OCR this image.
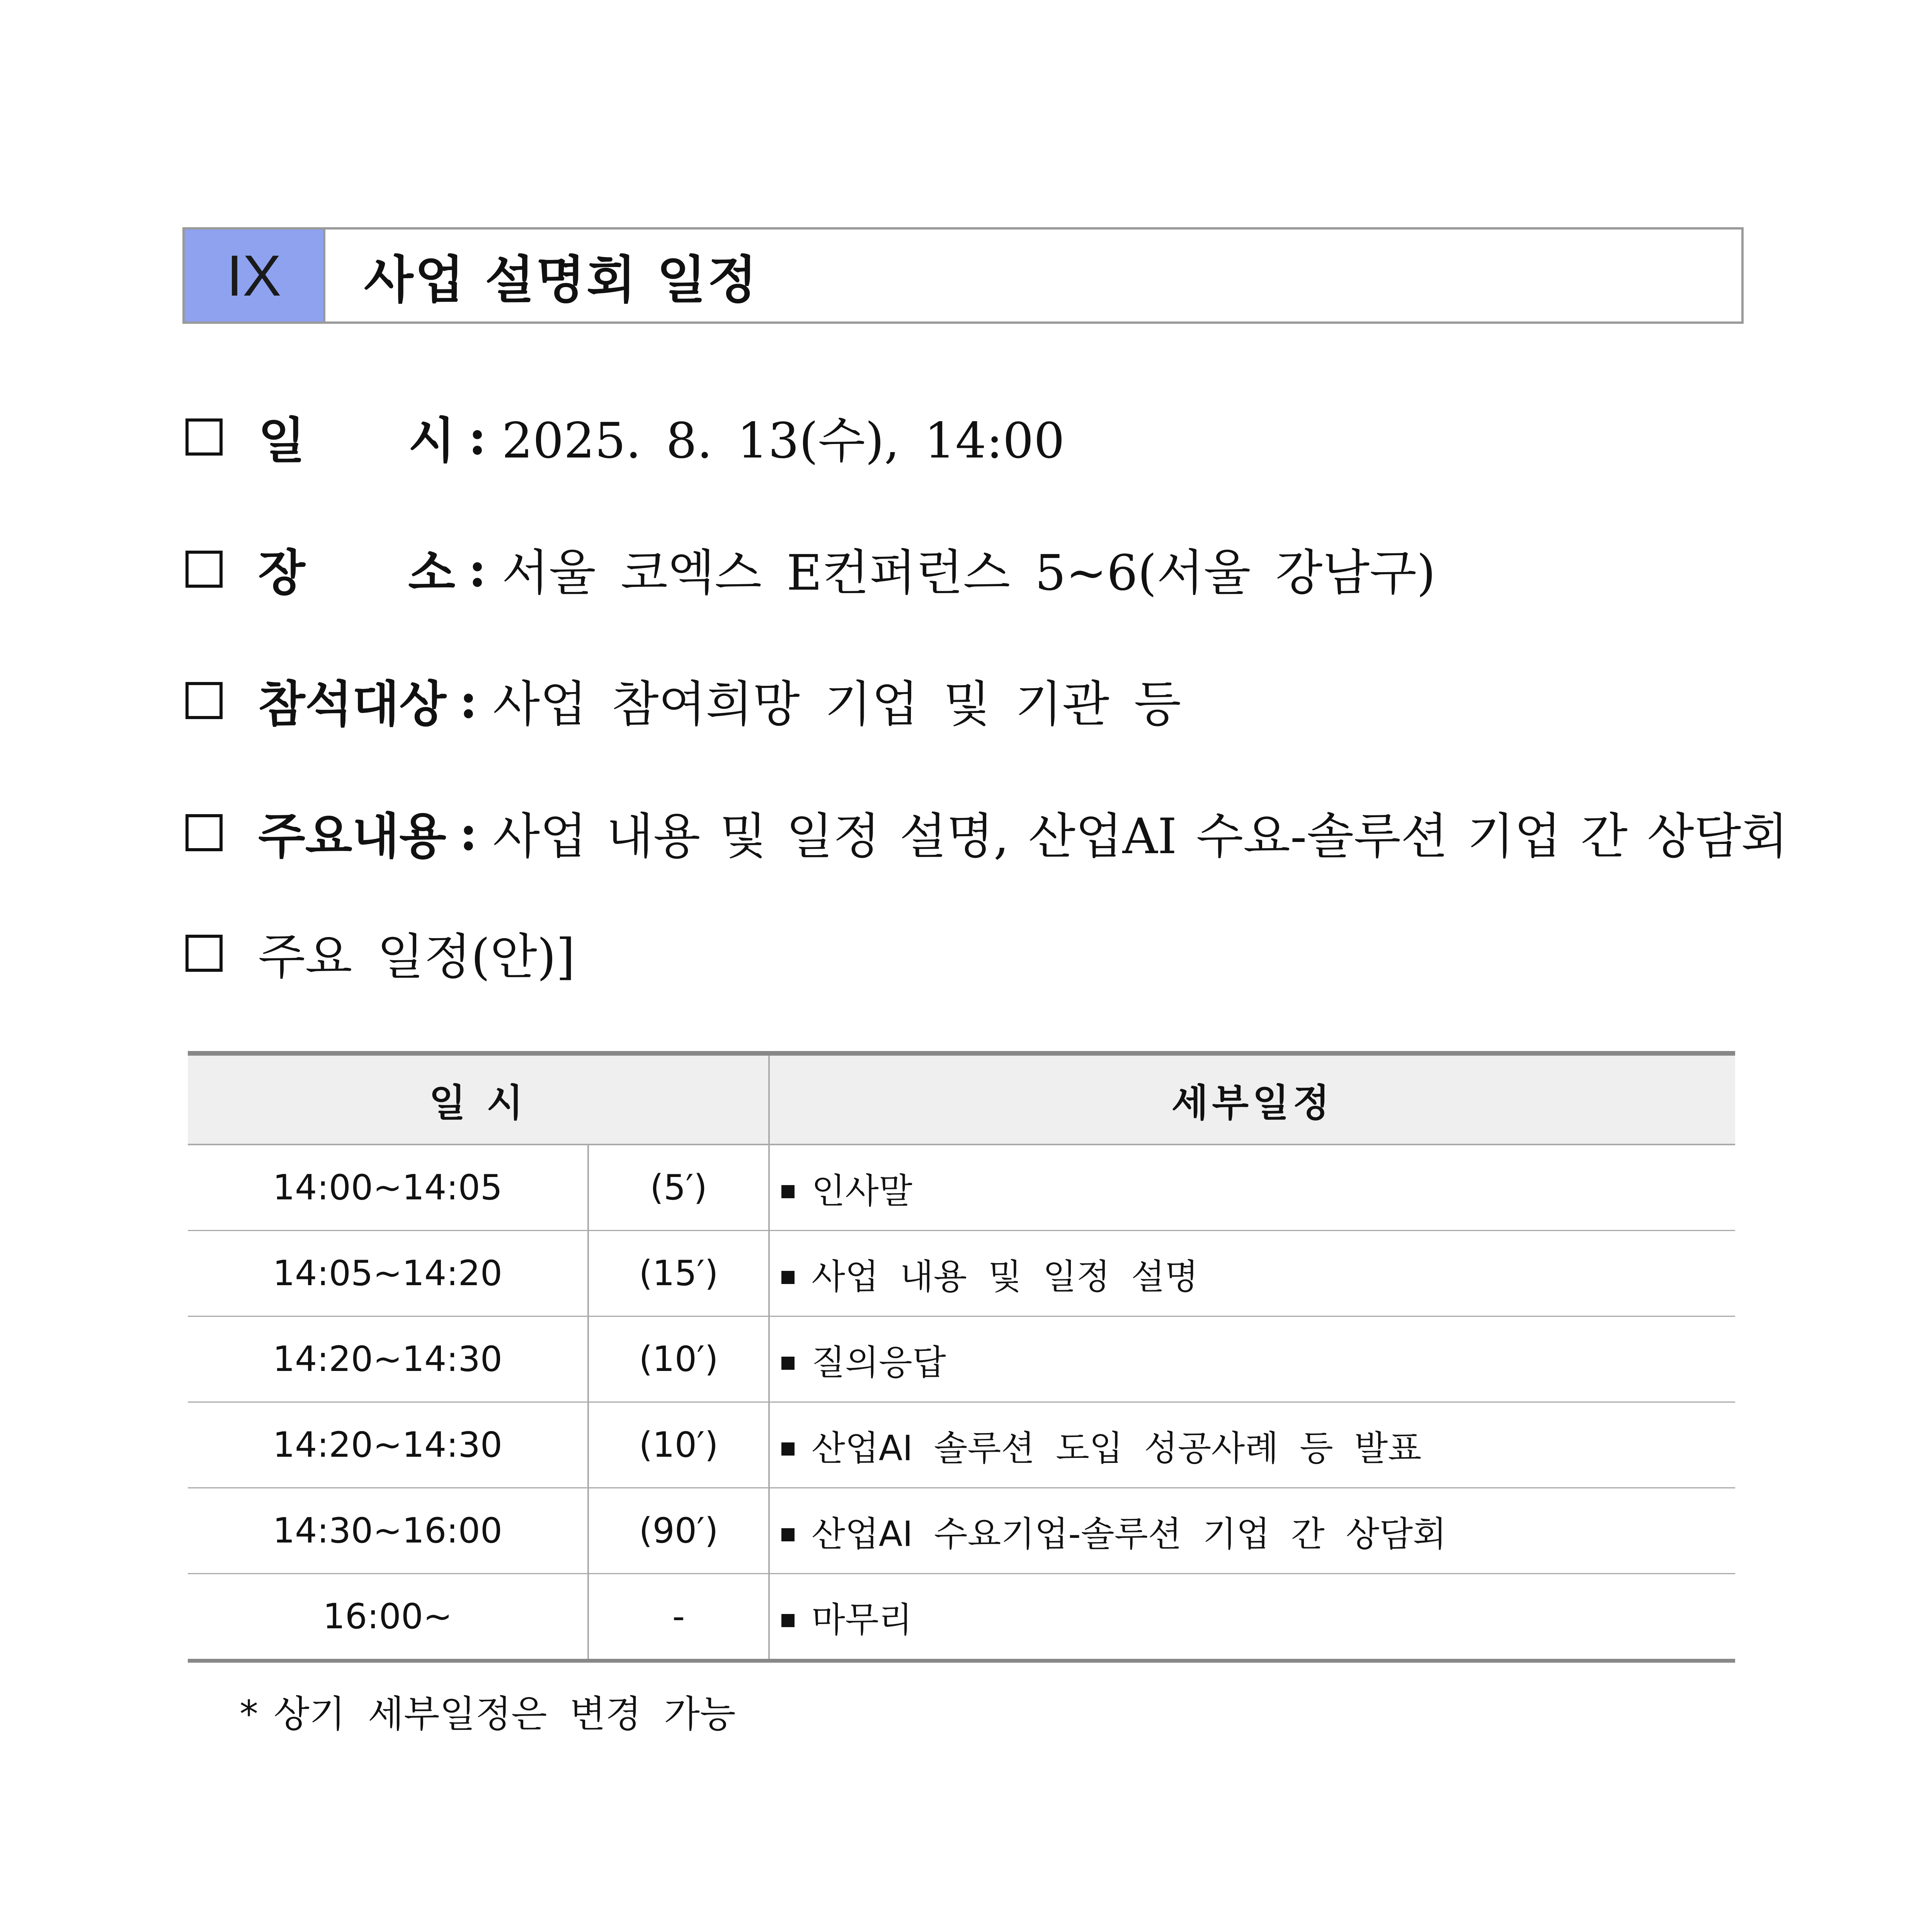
IX	사업 설명회 일정
일 시 : 2025. 8. 13(수), 14:00
장 소 : 서울 코엑스 E컨퍼런스 5~6(서울 강남구)
참석대상 : 사업 참여희망 기업 및 기관 등
주요내용 : 사업 내용 및 일정 설명, 산업AI 수요-솔루션 기업 간 상담회
주요 일정(안)]
일 시		세부일정
14:00~14:05	(5′)	인사말
14:05~14:20	(15′)	사업 내용 및 일정 설명
14:20~14:30	(10′)	질의응답
14:20~14:30	(10′)	산업AI 솔루션 도입 성공사례 등 발표
14:30~16:00	(90′)	산업AI 수요기업-솔루션 기업 간 상담회
16:00~	-	마무리
* 상기 세부일정은 변경 가능
